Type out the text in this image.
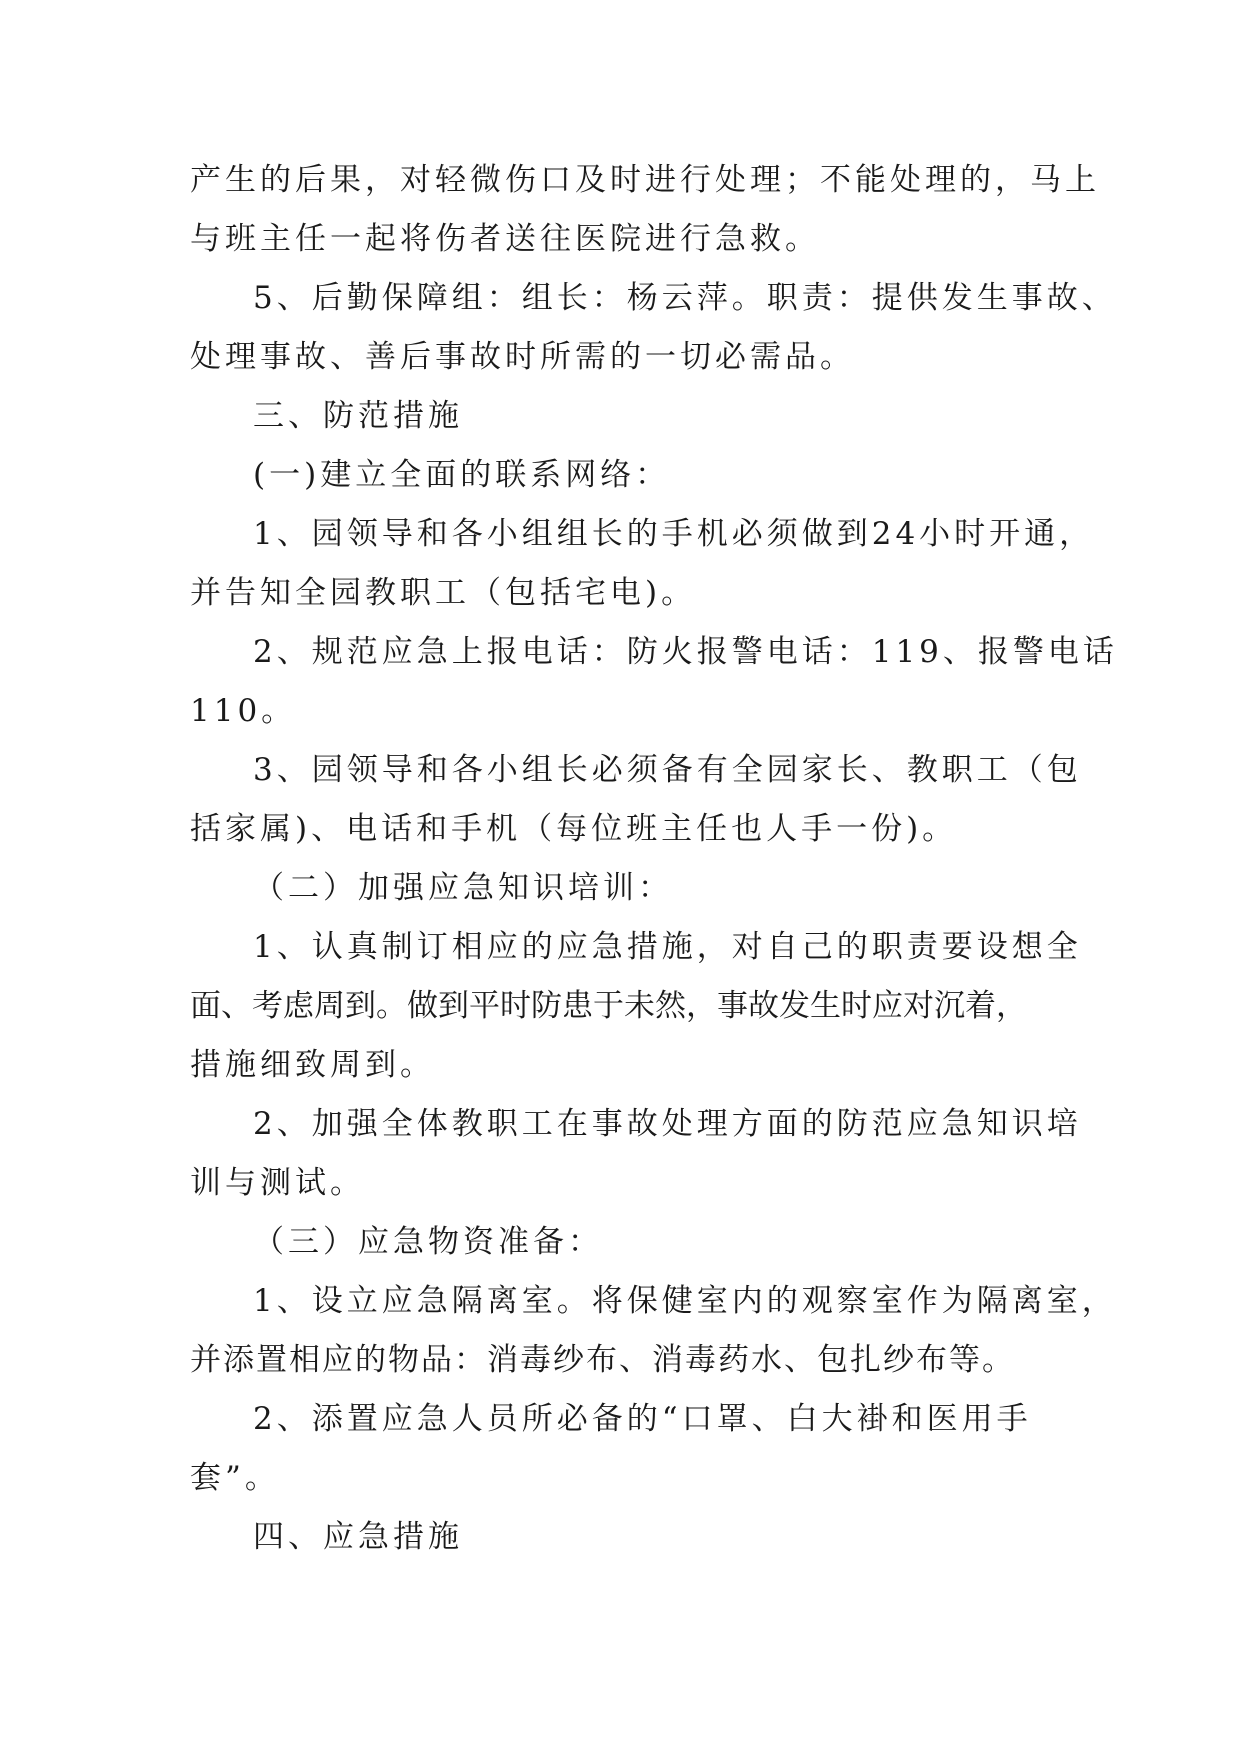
产生的后果，对轻微伤口及时进行处理；不能处理的，马上
与班主任一起将伤者送往医院进行急救。
5、后勤保障组：组长：杨云萍。职责：提供发生事故、
处理事故、善后事故时所需的一切必需品。
三、防范措施
(一)建立全面的联系网络：
1、园领导和各小组组长的手机必须做到24小时开通，
并告知全园教职工（包括宅电)。
2、规范应急上报电话：防火报警电话：119、报警电话
110。
3、园领导和各小组长必须备有全园家长、教职工（包
括家属)、电话和手机（每位班主任也人手一份)。
（二）加强应急知识培训：
1、认真制订相应的应急措施，对自己的职责要设想全
面、考虑周到。做到平时防患于未然，事故发生时应对沉着，
措施细致周到。
2、加强全体教职工在事故处理方面的防范应急知识培
训与测试。
（三）应急物资准备：
1、设立应急隔离室。将保健室内的观察室作为隔离室，
并添置相应的物品：消毒纱布、消毒药水、包扎纱布等。
2、添置应急人员所必备的“口罩、白大褂和医用手
套”。
四、应急措施
